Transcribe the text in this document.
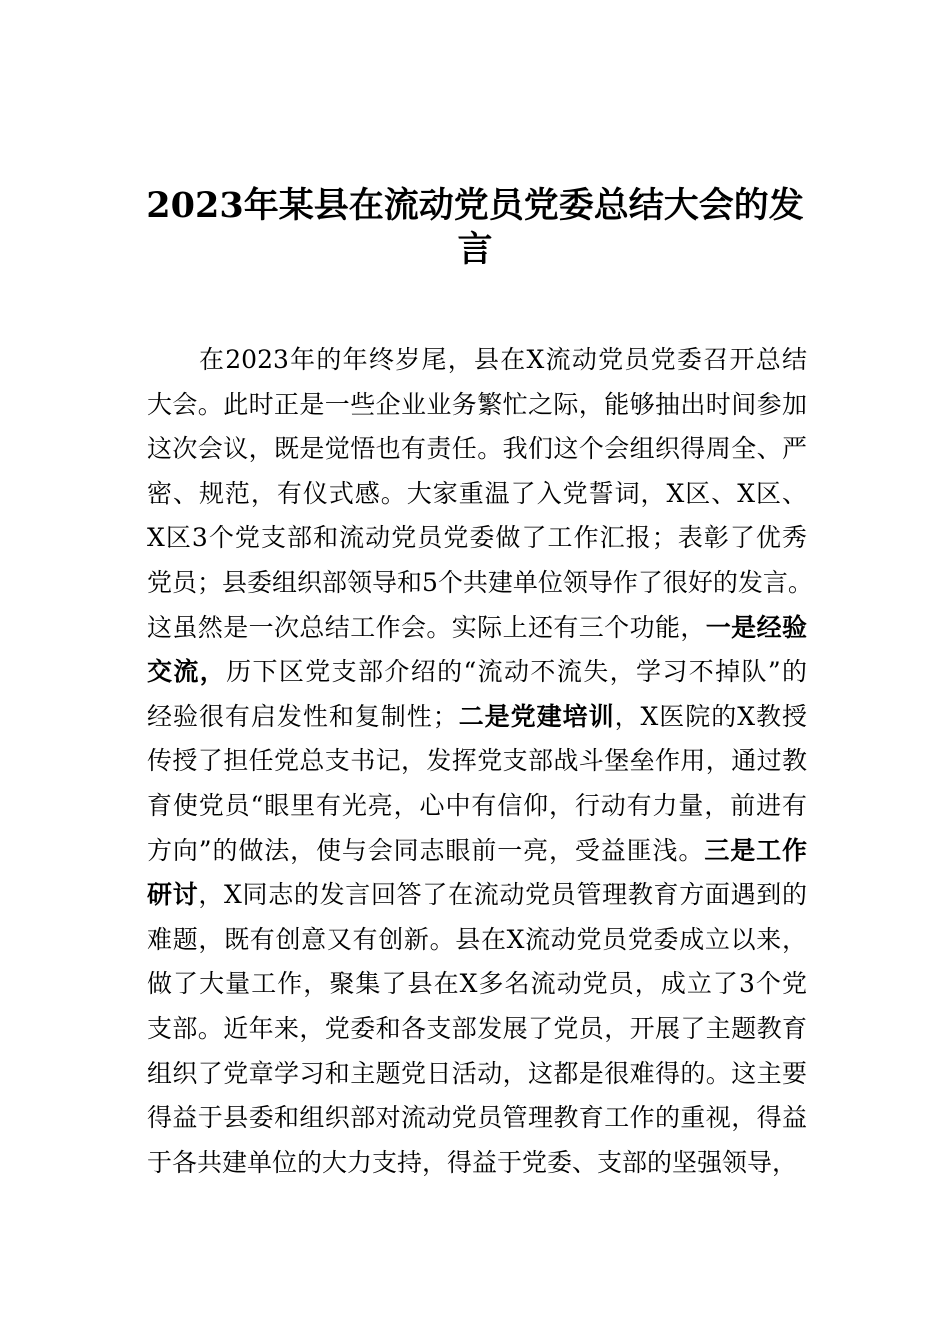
2023年某县在流动党员党委总结大会的发
言
在2023年的年终岁尾，县在X流动党员党委召开总结
大会。此时正是一些企业业务繁忙之际，能够抽出时间参加
这次会议，既是觉悟也有责任。我们这个会组织得周全、严
密、规范，有仪式感。大家重温了入党誓词，X区、X区、
X区3个党支部和流动党员党委做了工作汇报；表彰了优秀
党员；县委组织部领导和5个共建单位领导作了很好的发言。
这虽然是一次总结工作会。实际上还有三个功能，一是经验
交流，历下区党支部介绍的“流动不流失，学习不掉队”的
经验很有启发性和复制性；二是党建培训，X医院的X教授
传授了担任党总支书记，发挥党支部战斗堡垒作用，通过教
育使党员“眼里有光亮，心中有信仰，行动有力量，前进有
方向”的做法，使与会同志眼前一亮，受益匪浅。三是工作
研讨，X同志的发言回答了在流动党员管理教育方面遇到的
难题，既有创意又有创新。县在X流动党员党委成立以来，
做了大量工作，聚集了县在X多名流动党员，成立了3个党
支部。近年来，党委和各支部发展了党员，开展了主题教育
组织了党章学习和主题党日活动，这都是很难得的。这主要
得益于县委和组织部对流动党员管理教育工作的重视，得益
于各共建单位的大力支持，得益于党委、支部的坚强领导，
